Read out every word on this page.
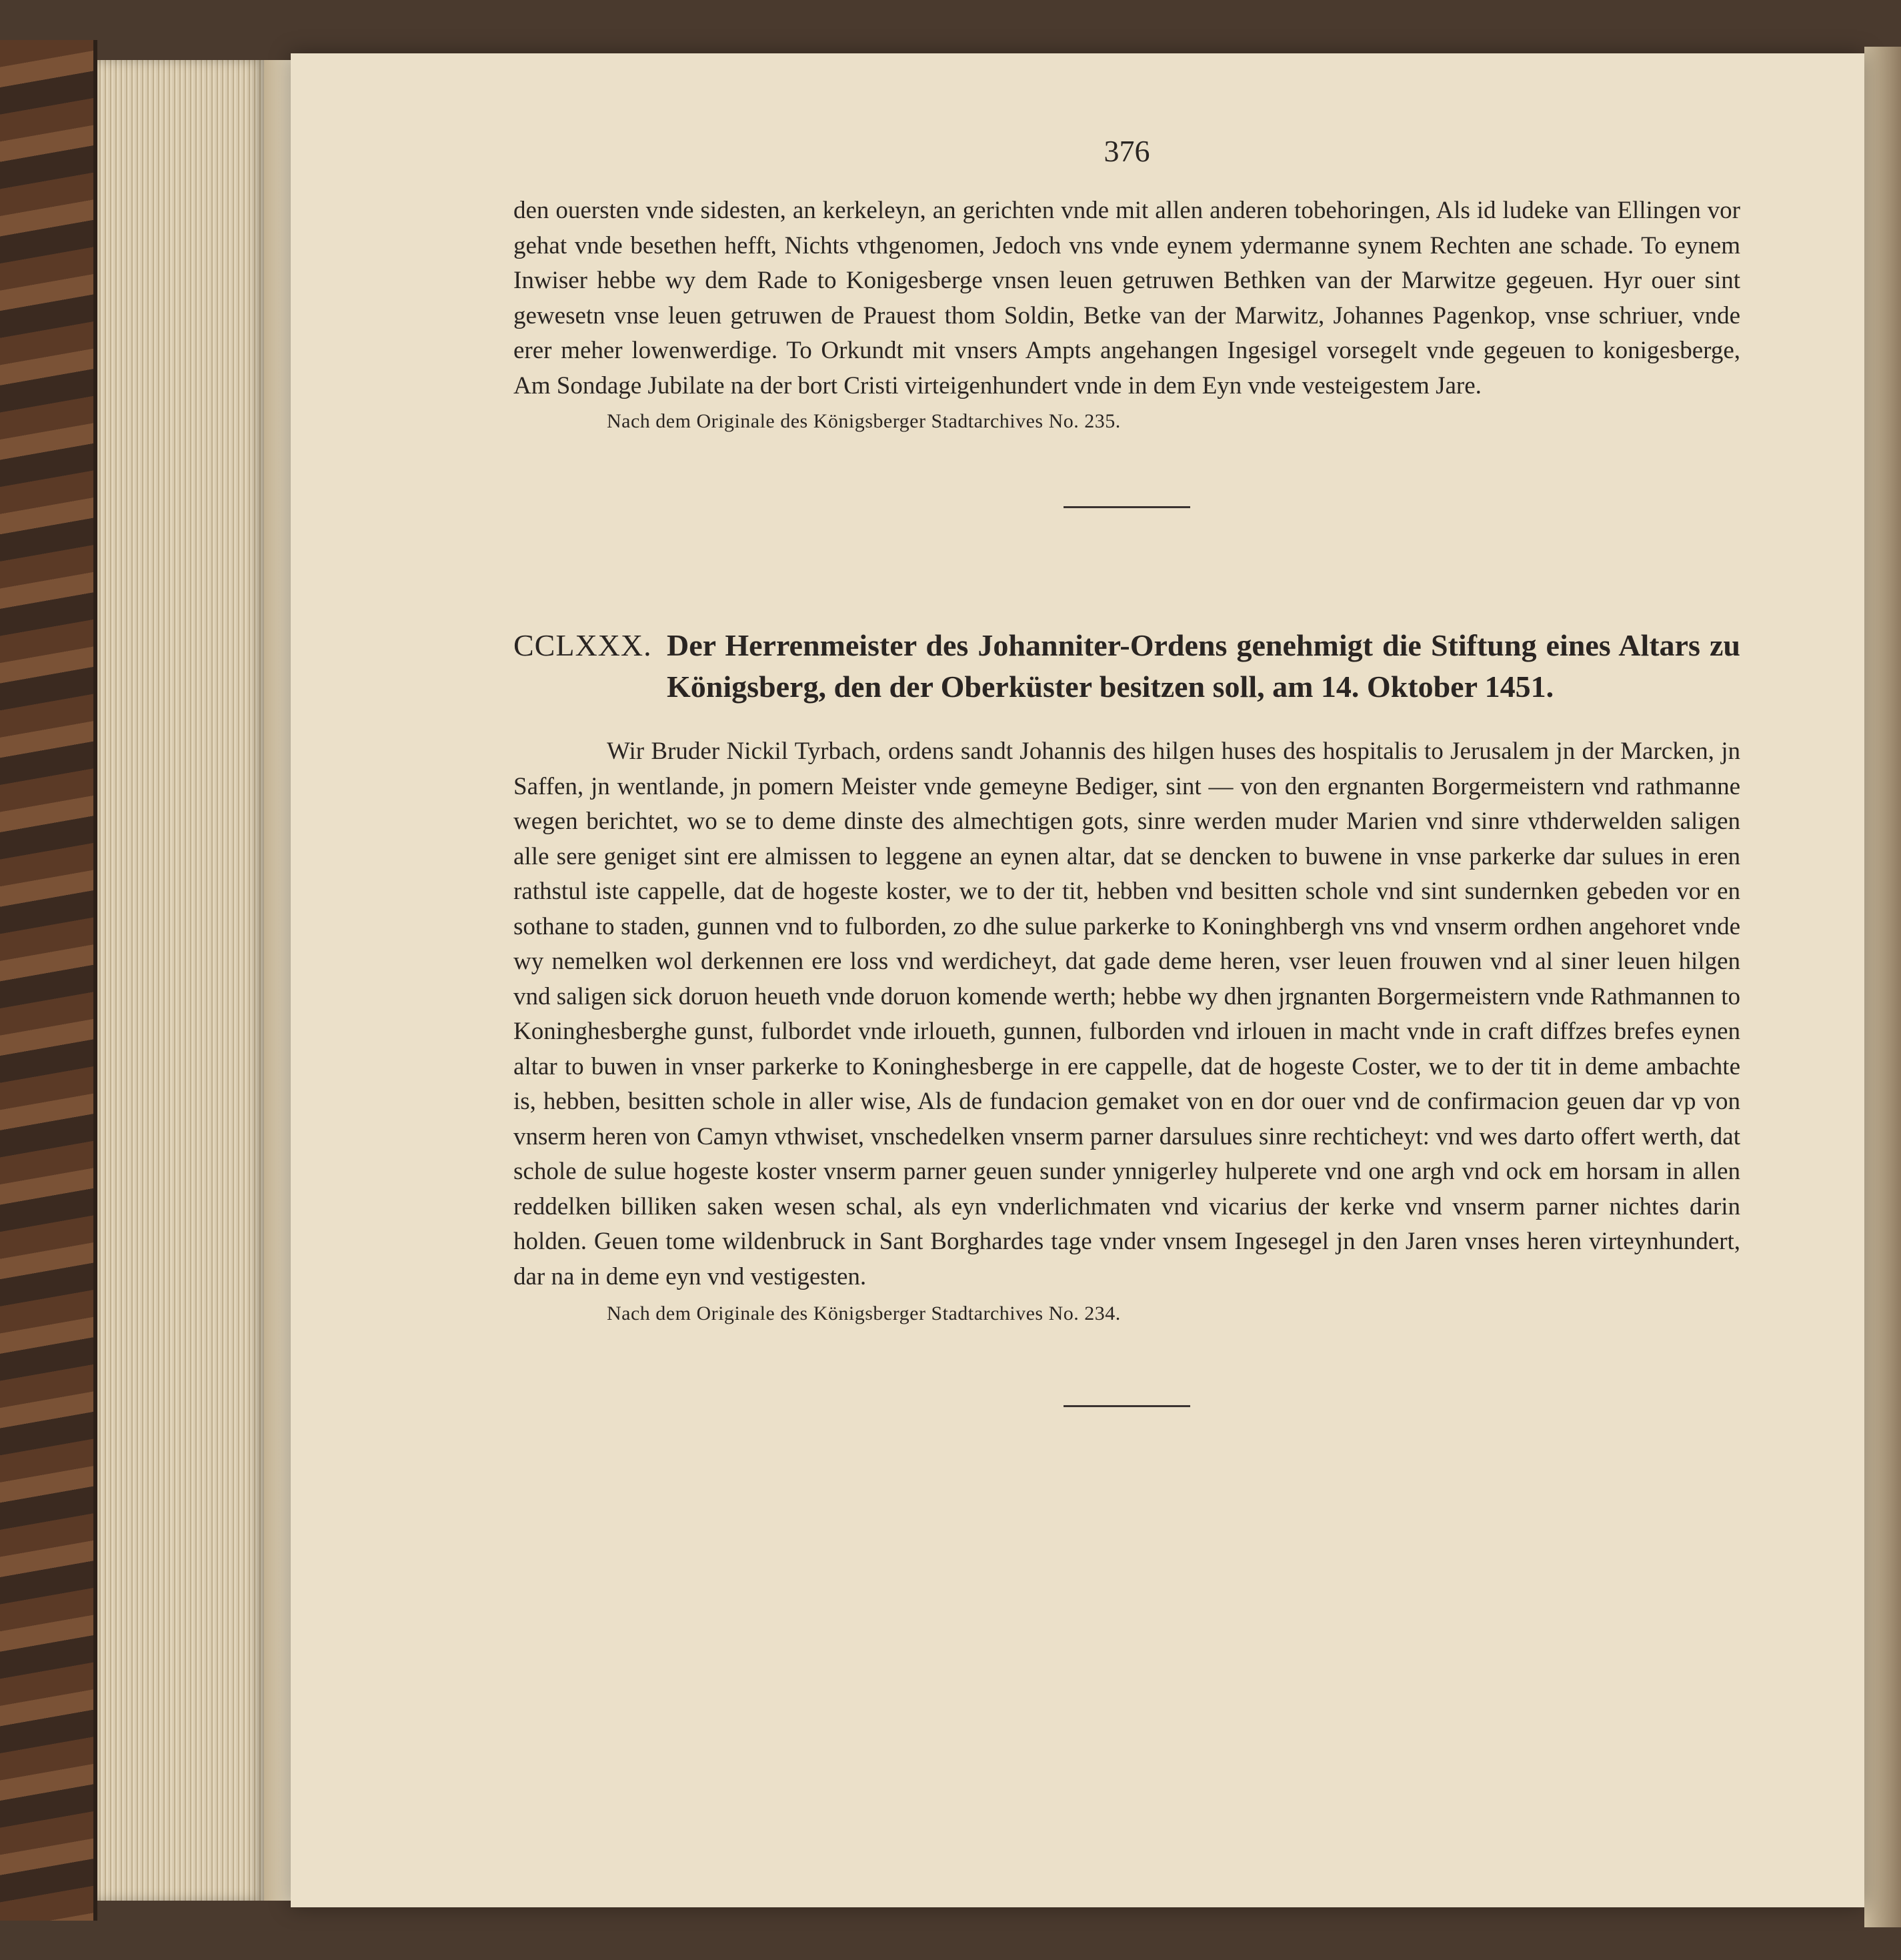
376

den ouersten vnde sidesten, an kerkeleyn, an gerichten vnde mit allen anderen tobehoringen, Als id ludeke van Ellingen vor gehat vnde besethen hefft, Nichts vthgenomen, Jedoch vns vnde eynem ydermanne synem Rechten ane schade. To eynem Inwiser hebbe wy dem Rade to Konigesberge vnsen leuen getruwen Bethken van der Marwitze gegeuen. Hyr ouer sint gewesetn vnse leuen getruwen de Prauest thom Soldin, Betke van der Marwitz, Johannes Pagenkop, vnse schriuer, vnde erer meher lowenwerdige. To Orkundt mit vnsers Ampts angehangen Ingesigel vorsegelt vnde gegeuen to konigesberge, Am Sondage Jubilate na der bort Cristi virteigenhundert vnde in dem Eyn vnde vesteigestem Jare.

Nach dem Originale des Königsberger Stadtarchives No. 235.
CCLXXX. Der Herrenmeister des Johanniter-Ordens genehmigt die Stiftung eines Altars zu Königsberg, den der Oberküster besitzen soll, am 14. Oktober 1451.

Wir Bruder Nickil Tyrbach, ordens sandt Johannis des hilgen huses des hospitalis to Jerusalem jn der Marcken, jn Saffen, jn wentlande, jn pomern Meister vnde gemeyne Bediger, sint — von den ergnanten Borgermeistern vnd rathmanne wegen berichtet, wo se to deme dinste des almechtigen gots, sinre werden muder Marien vnd sinre vthderwelden saligen alle sere geniget sint ere almissen to leggene an eynen altar, dat se dencken to buwene in vnse parkerke dar sulues in eren rathstul iste cappelle, dat de hogeste koster, we to der tit, hebben vnd besitten schole vnd sint sundernken gebeden vor en sothane to staden, gunnen vnd to fulborden, zo dhe sulue parkerke to Koninghbergh vns vnd vnserm ordhen angehoret vnde wy nemelken wol derkennen ere loss vnd werdicheyt, dat gade deme heren, vser leuen frouwen vnd al siner leuen hilgen vnd saligen sick doruon heueth vnde doruon komende werth; hebbe wy dhen jrgnanten Borgermeistern vnde Rathmannen to Koninghesberghe gunst, fulbordet vnde irloueth, gunnen, fulborden vnd irlouen in macht vnde in craft diffzes brefes eynen altar to buwen in vnser parkerke to Koninghesberge in ere cappelle, dat de hogeste Coster, we to der tit in deme ambachte is, hebben, besitten schole in aller wise, Als de fundacion gemaket von en dor ouer vnd de confirmacion geuen dar vp von vnserm heren von Camyn vthwiset, vnschedelken vnserm parner darsulues sinre rechticheyt: vnd wes darto offert werth, dat schole de sulue hogeste koster vnserm parner geuen sunder ynnigerley hulperete vnd one argh vnd ock em horsam in allen reddelken billiken saken wesen schal, als eyn vnderlichmaten vnd vicarius der kerke vnd vnserm parner nichtes darin holden. Geuen tome wildenbruck in Sant Borghardes tage vnder vnsem Ingesegel jn den Jaren vnses heren virteynhundert, dar na in deme eyn vnd vestigesten.

Nach dem Originale des Königsberger Stadtarchives No. 234.
